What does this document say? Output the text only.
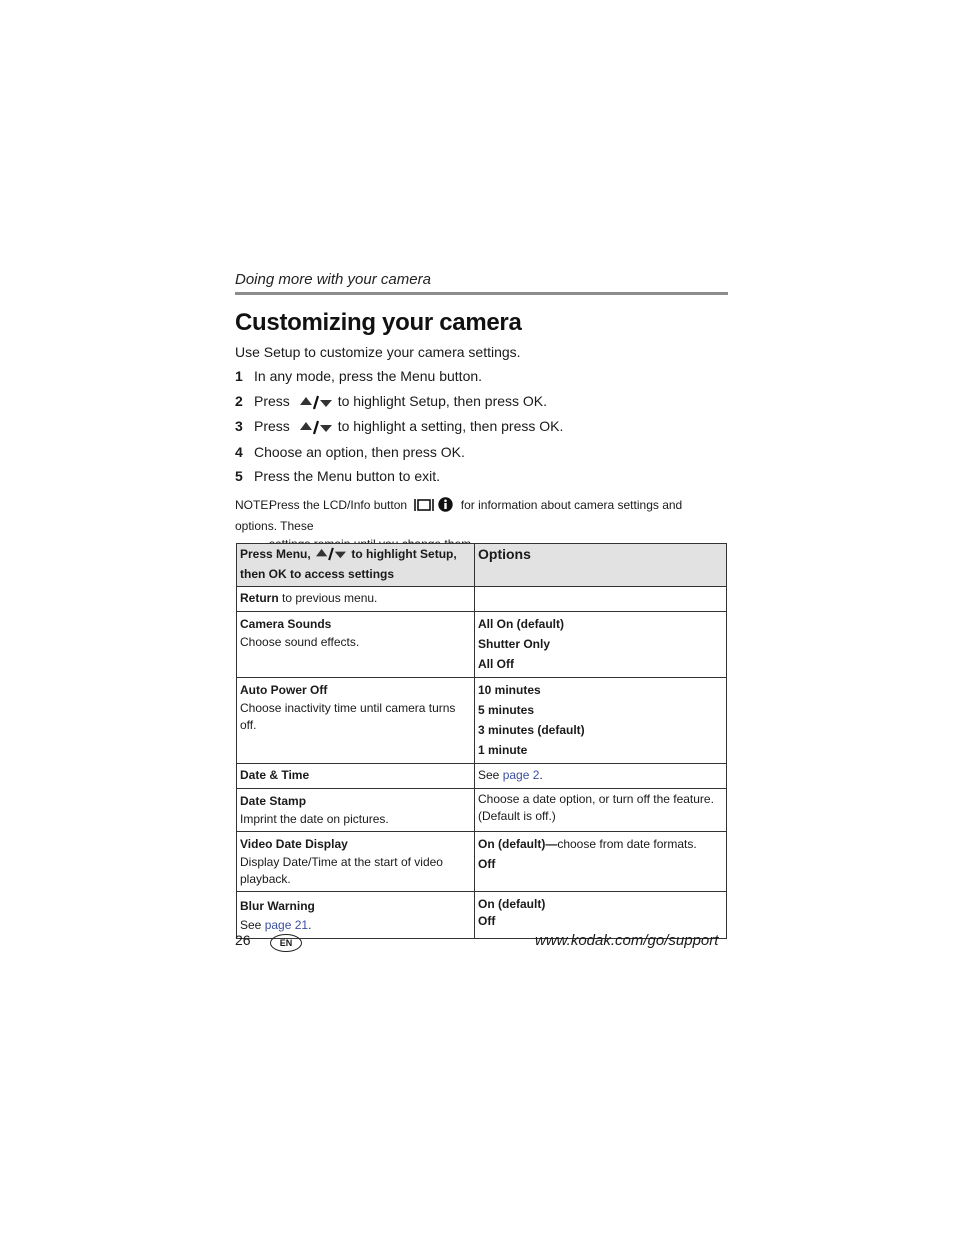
Doing more with your camera
Customizing your camera
Use Setup to customize your camera settings.
1 In any mode, press the Menu button.
2 Press	to highlight Setup, then press OK.
3 Press	to highlight a setting, then press OK.
4 Choose an option, then press OK.
5 Press the Menu button to exit.
NOTE:Press the LCD/Info button	for information about camera settings and options. These
Press Menu, to highlight Setup,
then OK to access settings	Options
Return to previous menu.	

Camera Sounds
Choose sound effects.	All On (default)
Shutter Only
All Off

Auto Power Off
Choose inactivity time until camera turns off.	10 minutes
5 minutes
3 minutes (default)
1 minute

Date & Time	See page 2.

Date Stamp
Imprint the date on pictures.	Choose a date option, or turn off the feature.
(Default is off.)

Video Date Display
Display Date/Time at the start of video playback.	On (default)—choose from date formats.
Off

Blur Warning
See page 21.	On (default)
Off
26	EN	www.kodak.com/go/support
